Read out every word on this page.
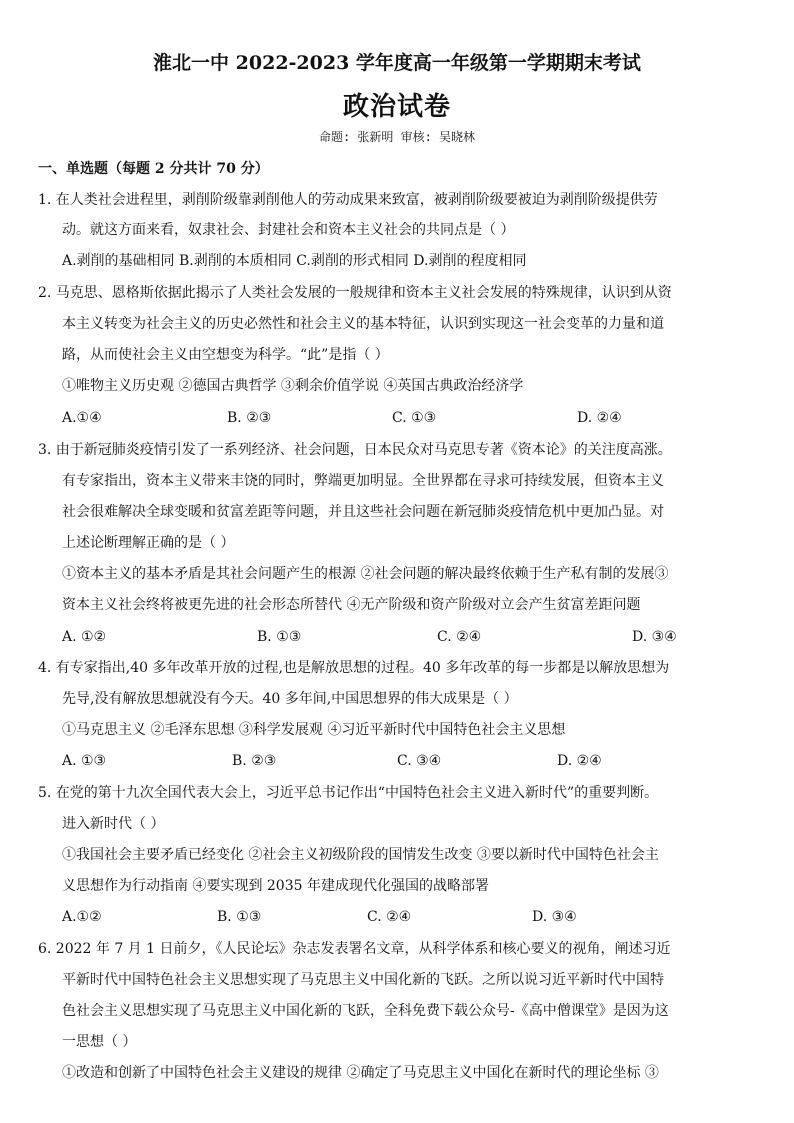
淮北一中 2022-2023 学年度高一年级第一学期期末考试
政治试卷
命题: 张新明 审核: 吴晓林
一、单选题（每题 2 分共计 70 分）
1. 在人类社会进程里，剥削阶级靠剥削他人的劳动成果来致富，被剥削阶级要被迫为剥削阶级提供劳
动。就这方面来看，奴隶社会、封建社会和资本主义社会的共同点是（ ）
A.剥削的基础相同 B.剥削的本质相同 C.剥削的形式相同 D.剥削的程度相同
2. 马克思、恩格斯依据此揭示了人类社会发展的一般规律和资本主义社会发展的特殊规律，认识到从资
本主义转变为社会主义的历史必然性和社会主义的基本特征，认识到实现这一社会变革的力量和道
路，从而使社会主义由空想变为科学。“此”是指（ ）
①唯物主义历史观 ②德国古典哲学 ③剩余价值学说 ④英国古典政治经济学
A.①④	B. ②③	C. ①③	D. ②④
3. 由于新冠肺炎疫情引发了一系列经济、社会问题，日本民众对马克思专著《资本论》的关注度高涨。
有专家指出，资本主义带来丰饶的同时，弊端更加明显。全世界都在寻求可持续发展，但资本主义
社会很难解决全球变暖和贫富差距等问题，并且这些社会问题在新冠肺炎疫情危机中更加凸显。对
上述论断理解正确的是（ ）
①资本主义的基本矛盾是其社会问题产生的根源 ②社会问题的解决最终依赖于生产私有制的发展③
资本主义社会终将被更先进的社会形态所替代 ④无产阶级和资产阶级对立会产生贫富差距问题
A. ①②	B. ①③	C. ②④	D. ③④
4. 有专家指出,40 多年改革开放的过程,也是解放思想的过程。40 多年改革的每一步都是以解放思想为
先导,没有解放思想就没有今天。40 多年间,中国思想界的伟大成果是（ ）
①马克思主义 ②毛泽东思想 ③科学发展观 ④习近平新时代中国特色社会主义思想
A. ①③	B. ②③	C. ③④	D. ②④
5. 在党的第十九次全国代表大会上，习近平总书记作出“中国特色社会主义进入新时代”的重要判断。
进入新时代（ ）
①我国社会主要矛盾已经变化 ②社会主义初级阶段的国情发生改变 ③要以新时代中国特色社会主
义思想作为行动指南 ④要实现到 2035 年建成现代化强国的战略部署
A.①②	B. ①③	C. ②④	D. ③④
6. 2022 年 7 月 1 日前夕，《人民论坛》杂志发表署名文章，从科学体系和核心要义的视角，阐述习近
平新时代中国特色社会主义思想实现了马克思主义中国化新的飞跃。之所以说习近平新时代中国特
色社会主义思想实现了马克思主义中国化新的飞跃，全科免费下载公众号-《高中僧课堂》是因为这
一思想（ ）
①改造和创新了中国特色社会主义建设的规律 ②确定了马克思主义中国化在新时代的理论坐标 ③
